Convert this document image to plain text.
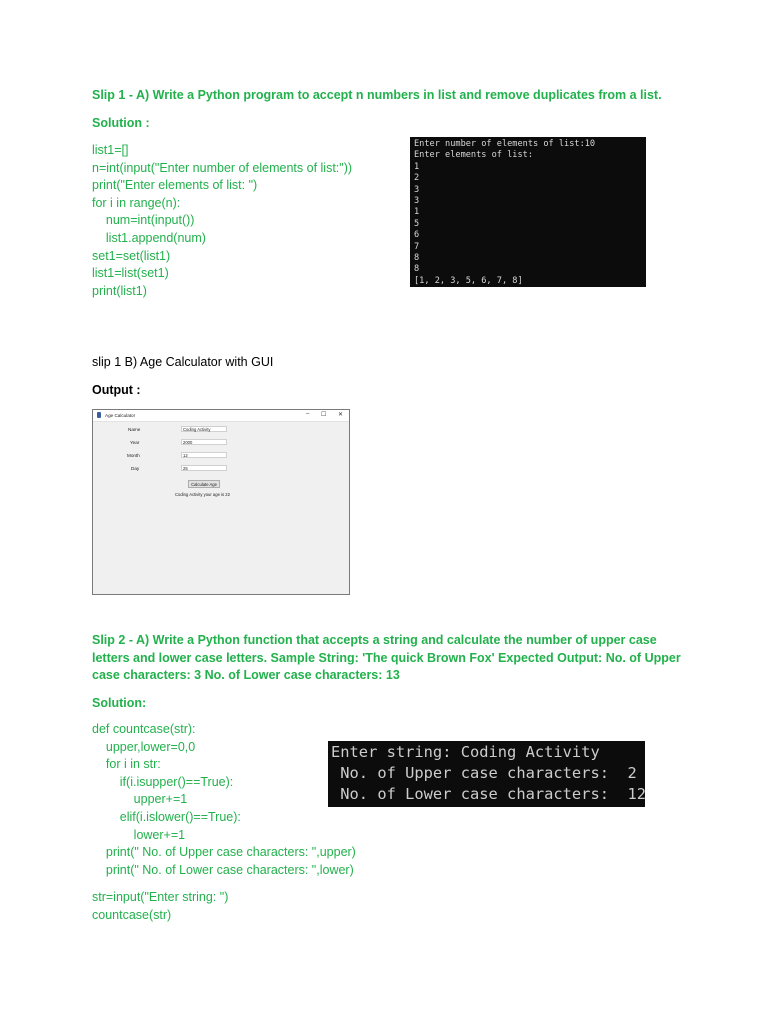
Slip 1 - A) Write a Python program to accept n numbers in list and remove duplicates from a list.
Solution :
list1=[]
n=int(input("Enter number of elements of list:"))
print("Enter elements of list: ")
for i in range(n):
num=int(input())
list1.append(num)
set1=set(list1)
list1=list(set1)
print(list1)
Enter number of elements of list:10
Enter elements of list:
1
2
3
3
1
5
6
7
8
8
[1, 2, 3, 5, 6, 7, 8]
slip 1 B) Age Calculator with GUI
Output :
Age Calculator	– ☐ ✕
Name	Coding Activity
Year	2000
Month	12
Day	25
Calculate Age
Coding Activity your age is 22
Slip 2 - A) Write a Python function that accepts a string and calculate the number of upper case
letters and lower case letters. Sample String: 'The quick Brown Fox' Expected Output: No. of Upper
case characters: 3 No. of Lower case characters: 13
Solution:
def countcase(str):
upper,lower=0,0
for i in str:
if(i.isupper()==True):
upper+=1
elif(i.islower()==True):
lower+=1
print(" No. of Upper case characters: ",upper)
print(" No. of Lower case characters: ",lower)
str=input("Enter string: ")
countcase(str)
Enter string: Coding Activity
No. of Upper case characters:  2
No. of Lower case characters:  12
